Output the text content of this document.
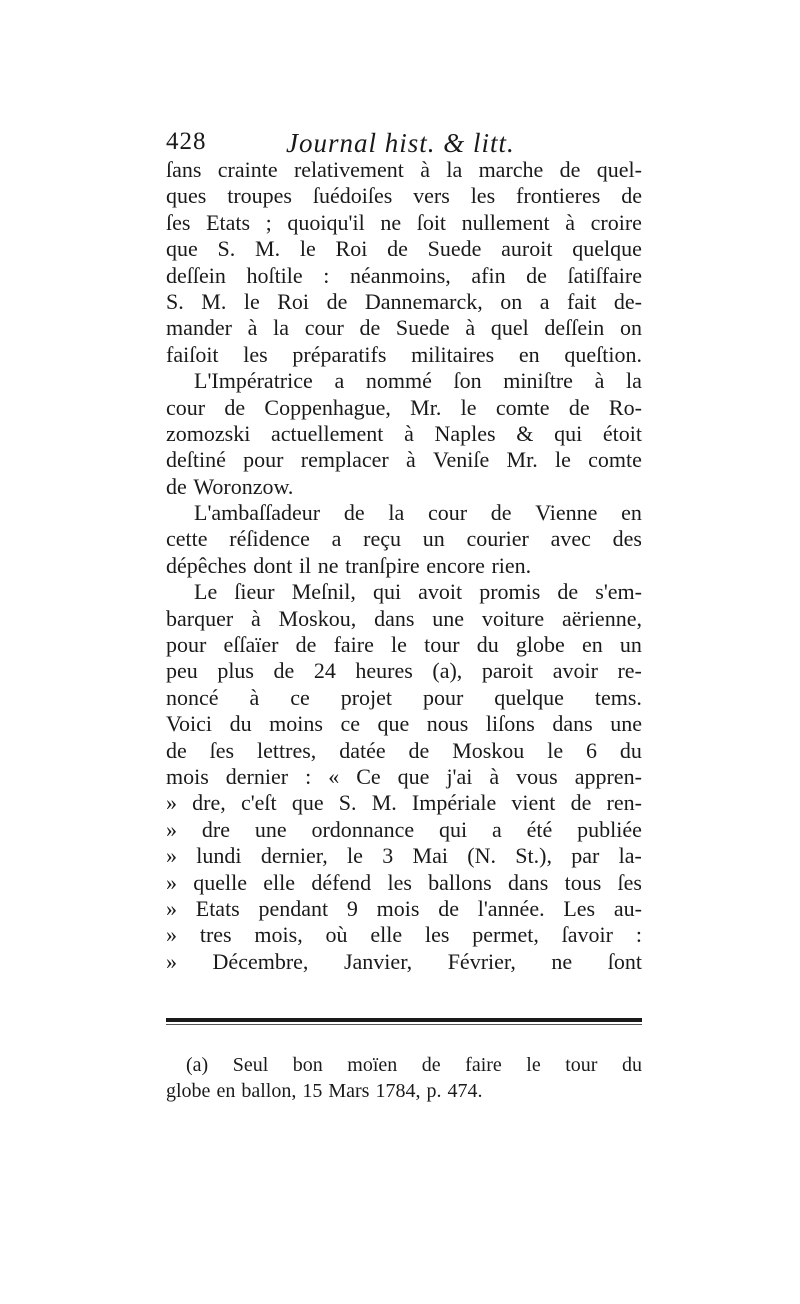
428	Journal hist. & litt.
ſans crainte relativement à la marche de quel-
ques troupes ſuédoiſes vers les frontieres de
ſes Etats ; quoiqu'il ne ſoit nullement à croire
que S. M. le Roi de Suede auroit quelque
deſſein hoſtile : néanmoins, afin de ſatiſfaire
S. M. le Roi de Dannemarck, on a fait de-
mander à la cour de Suede à quel deſſein on
faiſoit les préparatifs militaires en queſtion.
L'Impératrice a nommé ſon miniſtre à la
cour de Coppenhague, Mr. le comte de Ro-
zomozski actuellement à Naples & qui étoit
deſtiné pour remplacer à Veniſe Mr. le comte
de Woronzow.
L'ambaſſadeur de la cour de Vienne en
cette réſidence a reçu un courier avec des
dépêches dont il ne tranſpire encore rien.
Le ſieur Meſnil, qui avoit promis de s'em-
barquer à Moskou, dans une voiture aërienne,
pour eſſaïer de faire le tour du globe en un
peu plus de 24 heures (a), paroit avoir re-
noncé à ce projet pour quelque tems.
Voici du moins ce que nous liſons dans une
de ſes lettres, datée de Moskou le 6 du
mois dernier : « Ce que j'ai à vous appren-
» dre, c'eſt que S. M. Impériale vient de ren-
» dre une ordonnance qui a été publiée
» lundi dernier, le 3 Mai (N. St.), par la-
» quelle elle défend les ballons dans tous ſes
» Etats pendant 9 mois de l'année. Les au-
» tres mois, où elle les permet, ſavoir :
» Décembre, Janvier, Février, ne ſont
(a) Seul bon moïen de faire le tour du
globe en ballon, 15 Mars 1784, p. 474.
